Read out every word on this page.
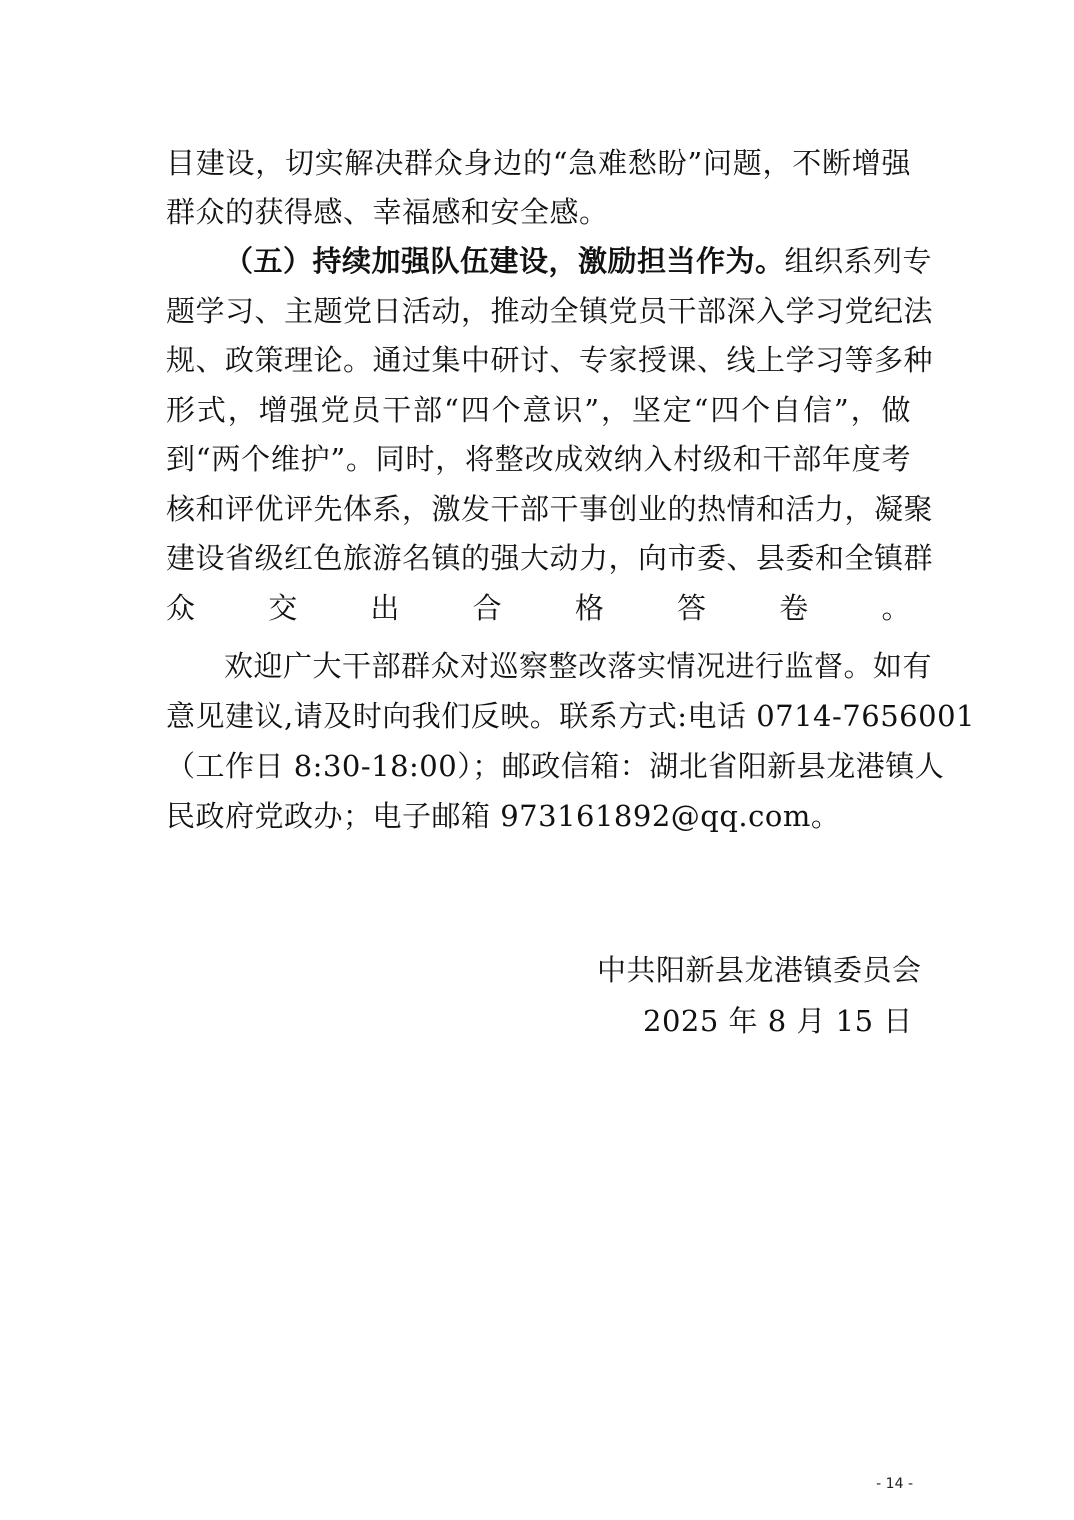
目建设，切实解决群众身边的“急难愁盼”问题，不断增强
群众的获得感、幸福感和安全感。
（五）持续加强队伍建设，激励担当作为。组织系列专
题学习、主题党日活动，推动全镇党员干部深入学习党纪法
规、政策理论。通过集中研讨、专家授课、线上学习等多种
形式，增强党员干部“四个意识”，坚定“四个自信”，做
到“两个维护”。同时，将整改成效纳入村级和干部年度考
核和评优评先体系，激发干部干事创业的热情和活力，凝聚
建设省级红色旅游名镇的强大动力，向市委、县委和全镇群
众交出合格答卷。
欢迎广大干部群众对巡察整改落实情况进行监督。如有
意见建议,请及时向我们反映。联系方式:电话 0714-7656001
（工作日 8:30-18:00）；邮政信箱：湖北省阳新县龙港镇人
民政府党政办；电子邮箱 973161892@qq.com。
中共阳新县龙港镇委员会
2025 年 8 月 15 日
- 14 -
